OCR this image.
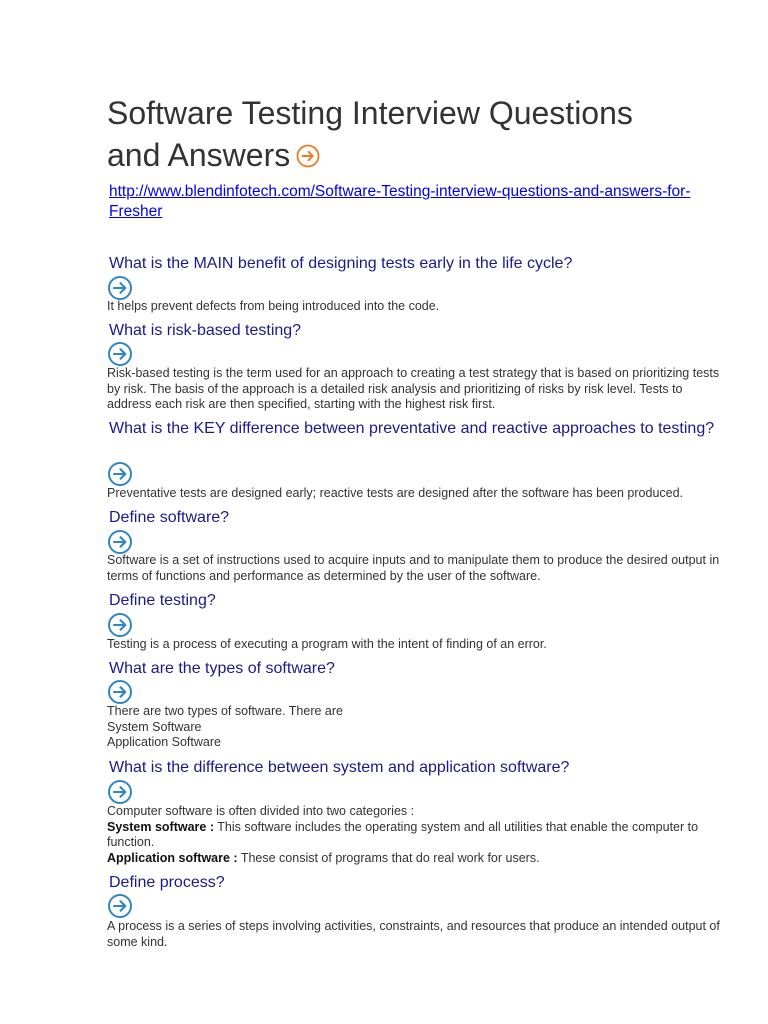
Software Testing Interview Questions
and Answers
http://www.blendinfotech.com/Software-Testing-interview-questions-and-answers-for-Fresher
What is the MAIN benefit of designing tests early in the life cycle?

It helps prevent defects from being introduced into the code.

What is risk-based testing?

Risk-based testing is the term used for an approach to creating a test strategy that is based on prioritizing tests by risk. The basis of the approach is a detailed risk analysis and prioritizing of risks by risk level. Tests to address each risk are then specified, starting with the highest risk first.

What is the KEY difference between preventative and reactive approaches to testing?

Preventative tests are designed early; reactive tests are designed after the software has been produced.

Define software?

Software is a set of instructions used to acquire inputs and to manipulate them to produce the desired output in terms of functions and performance as determined by the user of the software.

Define testing?

Testing is a process of executing a program with the intent of finding of an error.

What are the types of software?

There are two types of software. There are
System Software
Application Software

What is the difference between system and application software?

Computer software is often divided into two categories :
System software : This software includes the operating system and all utilities that enable the computer to function.
Application software : These consist of programs that do real work for users.

Define process?

A process is a series of steps involving activities, constraints, and resources that produce an intended output of some kind.
